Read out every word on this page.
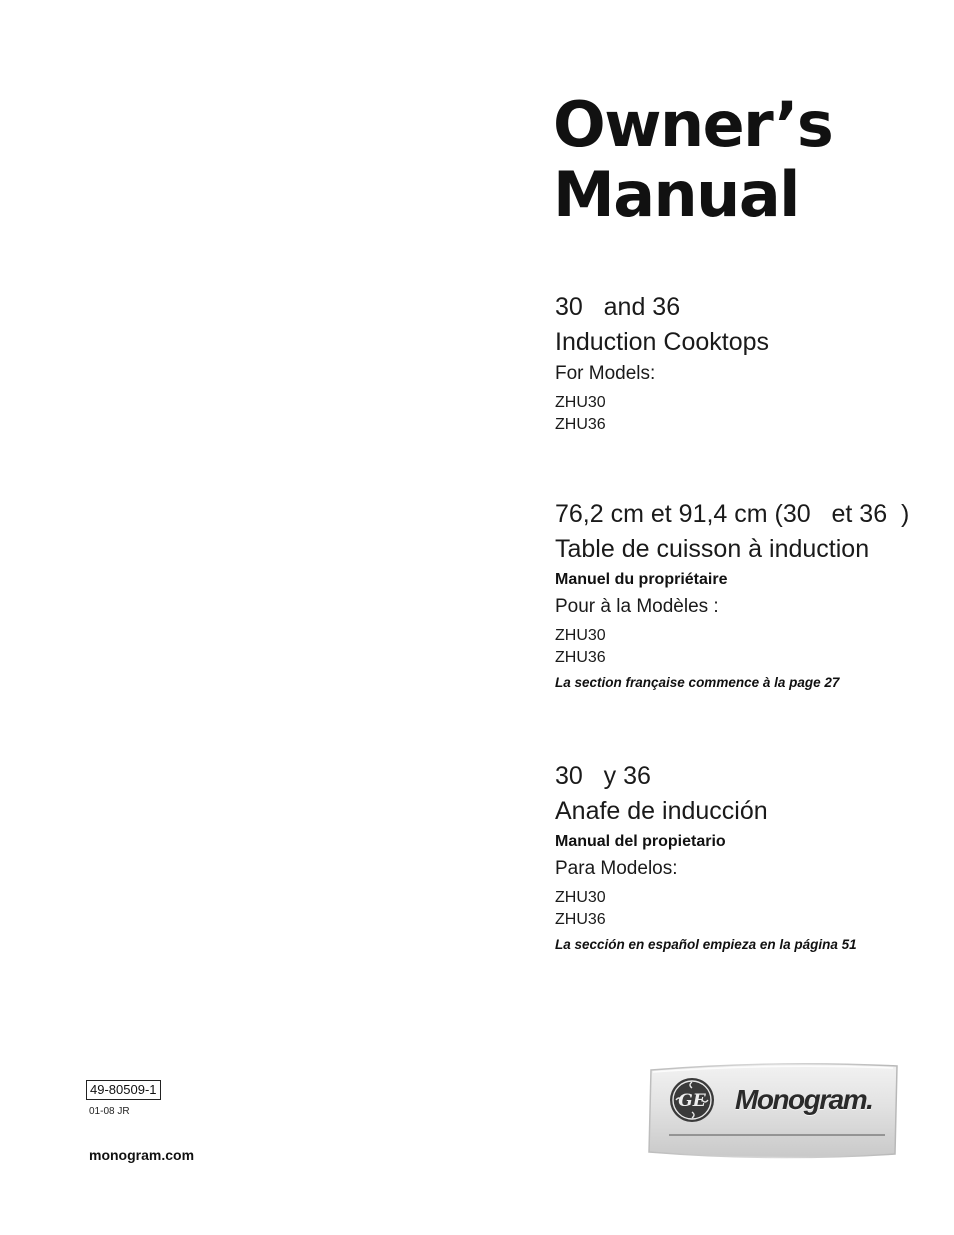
Owner’s
Manual
30   and 36
Induction Cooktops
For Models:
ZHU30
ZHU36
76,2 cm et 91,4 cm (30   et 36  )
Table de cuisson à induction
Manuel du propriétaire
Pour à la Modèles :
ZHU30
ZHU36
La section française commence à la page 27
30   y 36
Anafe de inducción
Manual del propietario
Para Modelos:
ZHU30
ZHU36
La sección en español empieza en la página 51
49-80509-1
01-08 JR
monogram.com
GE Monogram.
